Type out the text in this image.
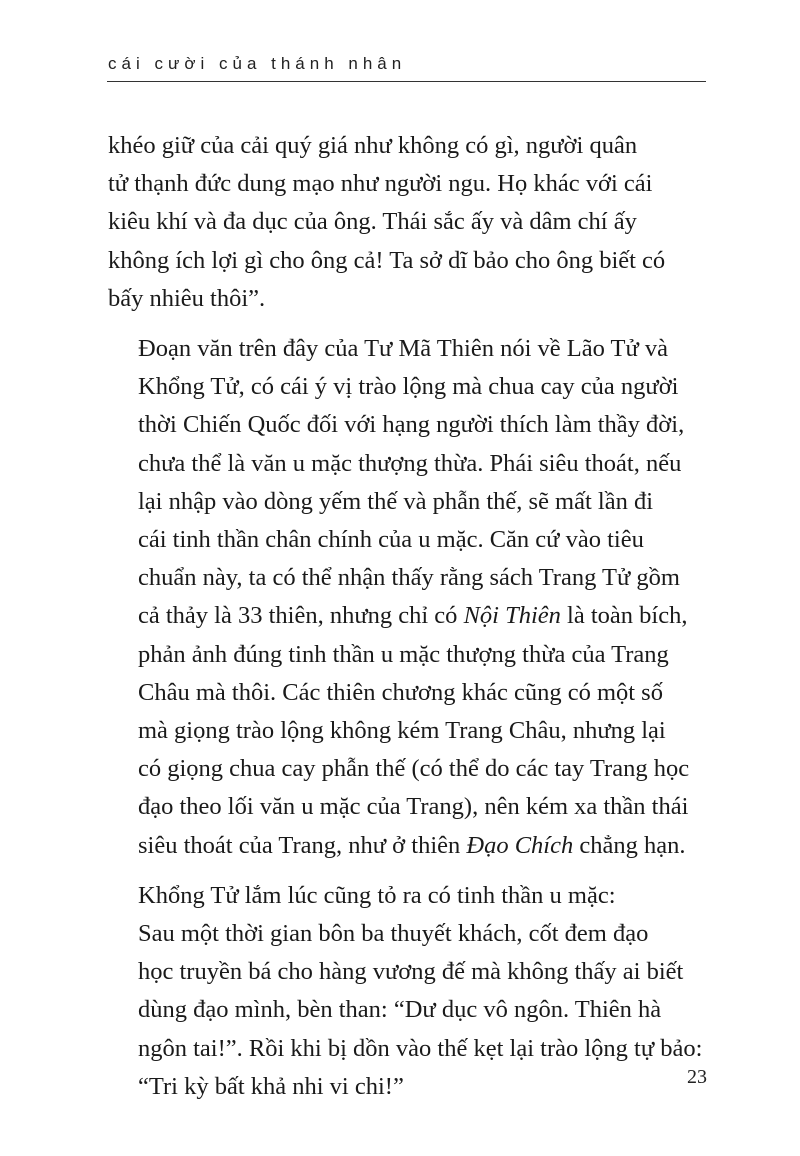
cái cười của thánh nhân

khéo giữ của cải quý giá như không có gì, người quân
tử thạnh đức dung mạo như người ngu. Họ khác với cái
kiêu khí và đa dục của ông. Thái sắc ấy và dâm chí ấy
không ích lợi gì cho ông cả! Ta sở dĩ bảo cho ông biết có
bấy nhiêu thôi”.

Đoạn văn trên đây của Tư Mã Thiên nói về Lão Tử và
Khổng Tử, có cái ý vị trào lộng mà chua cay của người
thời Chiến Quốc đối với hạng người thích làm thầy đời,
chưa thể là văn u mặc thượng thừa. Phái siêu thoát, nếu
lại nhập vào dòng yếm thế và phẫn thế, sẽ mất lần đi
cái tinh thần chân chính của u mặc. Căn cứ vào tiêu
chuẩn này, ta có thể nhận thấy rằng sách Trang Tử gồm
cả thảy là 33 thiên, nhưng chỉ có Nội Thiên là toàn bích,
phản ảnh đúng tinh thần u mặc thượng thừa của Trang
Châu mà thôi. Các thiên chương khác cũng có một số
mà giọng trào lộng không kém Trang Châu, nhưng lại
có giọng chua cay phẫn thế (có thể do các tay Trang học
đạo theo lối văn u mặc của Trang), nên kém xa thần thái
siêu thoát của Trang, như ở thiên Đạo Chích chẳng hạn.

Khổng Tử lắm lúc cũng tỏ ra có tinh thần u mặc:
Sau một thời gian bôn ba thuyết khách, cốt đem đạo
học truyền bá cho hàng vương đế mà không thấy ai biết
dùng đạo mình, bèn than: “Dư dục vô ngôn. Thiên hà
ngôn tai!”. Rồi khi bị dồn vào thế kẹt lại trào lộng tự bảo:
“Tri kỳ bất khả nhi vi chi!”	23
